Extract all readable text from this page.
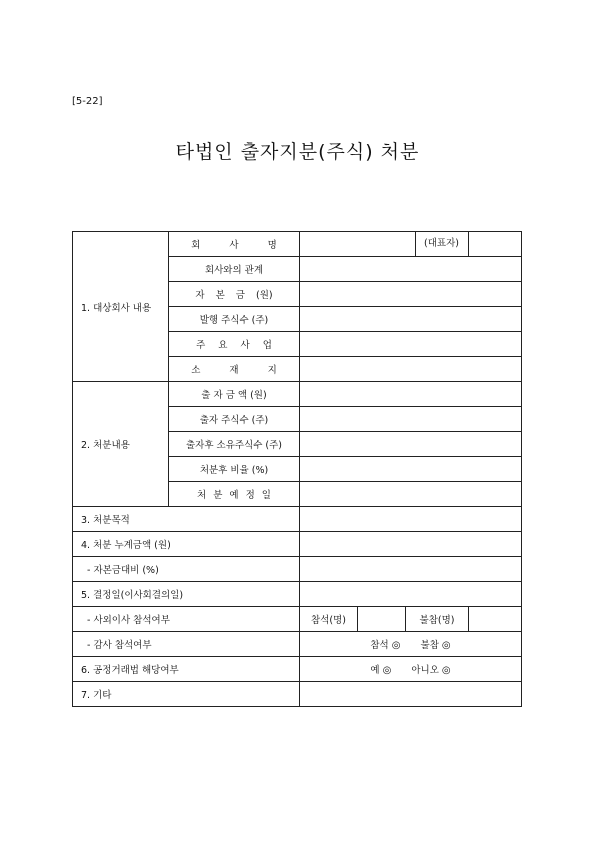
[5-22]
타법인 출자지분(주식) 처분
1. 대상회사 내용	회 사 명		(대표자)
회사와의 관계	
자 본 금 (원)	
발행 주식수 (주)	
주 요 사 업	
소 재 지	
2. 처분내용	출 자 금 액 (원)	
출자 주식수 (주)	
출자후 소유주식수 (주)	
처분후 비율 (%)	
처 분 예 정 일	
3. 처분목적	
4. 처분 누계금액 (원)	
- 자본금대비 (%)	
5. 결정일(이사회결의일)	
- 사외이사 참석여부		참석(명)		불참(명)	

- 감사 참석여부	참석 ◎ 불참 ◎
6. 공정거래법 해당여부	예 ◎ 아니오 ◎
7. 기타	
